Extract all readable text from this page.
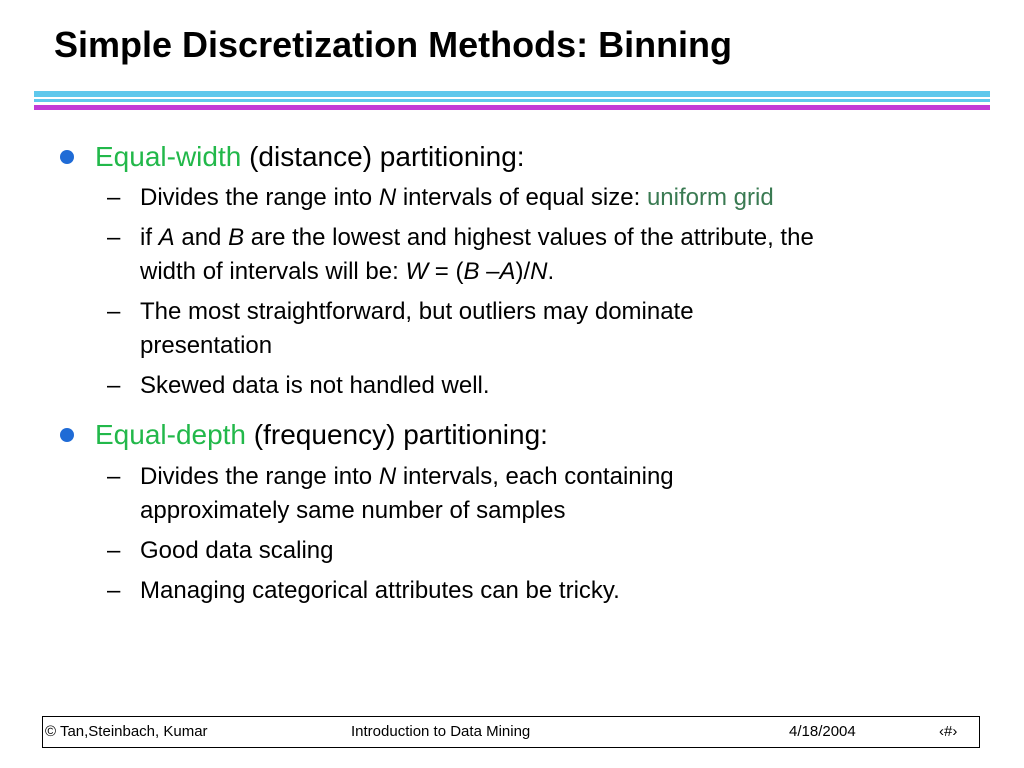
Simple Discretization Methods: Binning
Equal-width (distance) partitioning:
– Divides the range into N intervals of equal size: uniform grid
– if A and B are the lowest and highest values of the attribute, the
width of intervals will be: W = (B –A)/N.
– The most straightforward, but outliers may dominate
presentation
– Skewed data is not handled well.
Equal-depth (frequency) partitioning:
– Divides the range into N intervals, each containing
approximately same number of samples
– Good data scaling
– Managing categorical attributes can be tricky.
© Tan,Steinbach, Kumar	Introduction to Data Mining	4/18/2004	‹#›
